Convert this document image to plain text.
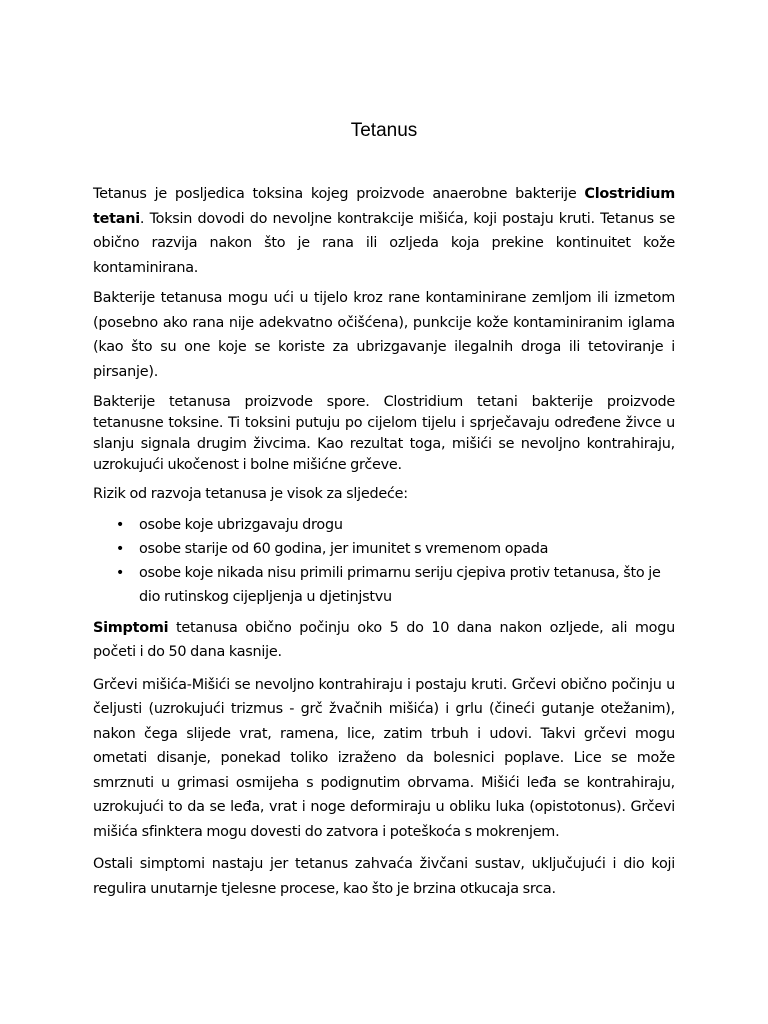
Tetanus

Tetanus je posljedica toksina kojeg proizvode anaerobne bakterije Clostridium tetani. Toksin dovodi do nevoljne kontrakcije mišića, koji postaju kruti. Tetanus se obično razvija nakon što je rana ili ozljeda koja prekine kontinuitet kože kontaminirana.

Bakterije tetanusa mogu ući u tijelo kroz rane kontaminirane zemljom ili izmetom (posebno ako rana nije adekvatno očišćena), punkcije kože kontaminiranim iglama (kao što su one koje se koriste za ubrizgavanje ilegalnih droga ili tetoviranje i pirsanje).

Bakterije tetanusa proizvode spore. Clostridium tetani bakterije proizvode tetanusne toksine. Ti toksini putuju po cijelom tijelu i sprječavaju određene živce u slanju signala drugim živcima. Kao rezultat toga, mišići se nevoljno kontrahiraju, uzrokujući ukočenost i bolne mišićne grčeve.

Rizik od razvoja tetanusa je visok za sljedeće:

• osobe koje ubrizgavaju drogu
• osobe starije od 60 godina, jer imunitet s vremenom opada
• osobe koje nikada nisu primili primarnu seriju cjepiva protiv tetanusa, što je dio rutinskog cijepljenja u djetinjstvu

Simptomi tetanusa obično počinju oko 5 do 10 dana nakon ozljede, ali mogu početi i do 50 dana kasnije.

Grčevi mišića-Mišići se nevoljno kontrahiraju i postaju kruti. Grčevi obično počinju u čeljusti (uzrokujući trizmus - grč žvačnih mišića) i grlu (čineći gutanje otežanim), nakon čega slijede vrat, ramena, lice, zatim trbuh i udovi. Takvi grčevi mogu ometati disanje, ponekad toliko izraženo da bolesnici poplave. Lice se može smrznuti u grimasi osmijeha s podignutim obrvama. Mišići leđa se kontrahiraju, uzrokujući to da se leđa, vrat i noge deformiraju u obliku luka (opistotonus). Grčevi mišića sfinktera mogu dovesti do zatvora i poteškoća s mokrenjem.

Ostali simptomi nastaju jer tetanus zahvaća živčani sustav, uključujući i dio koji regulira unutarnje tjelesne procese, kao što je brzina otkucaja srca.
